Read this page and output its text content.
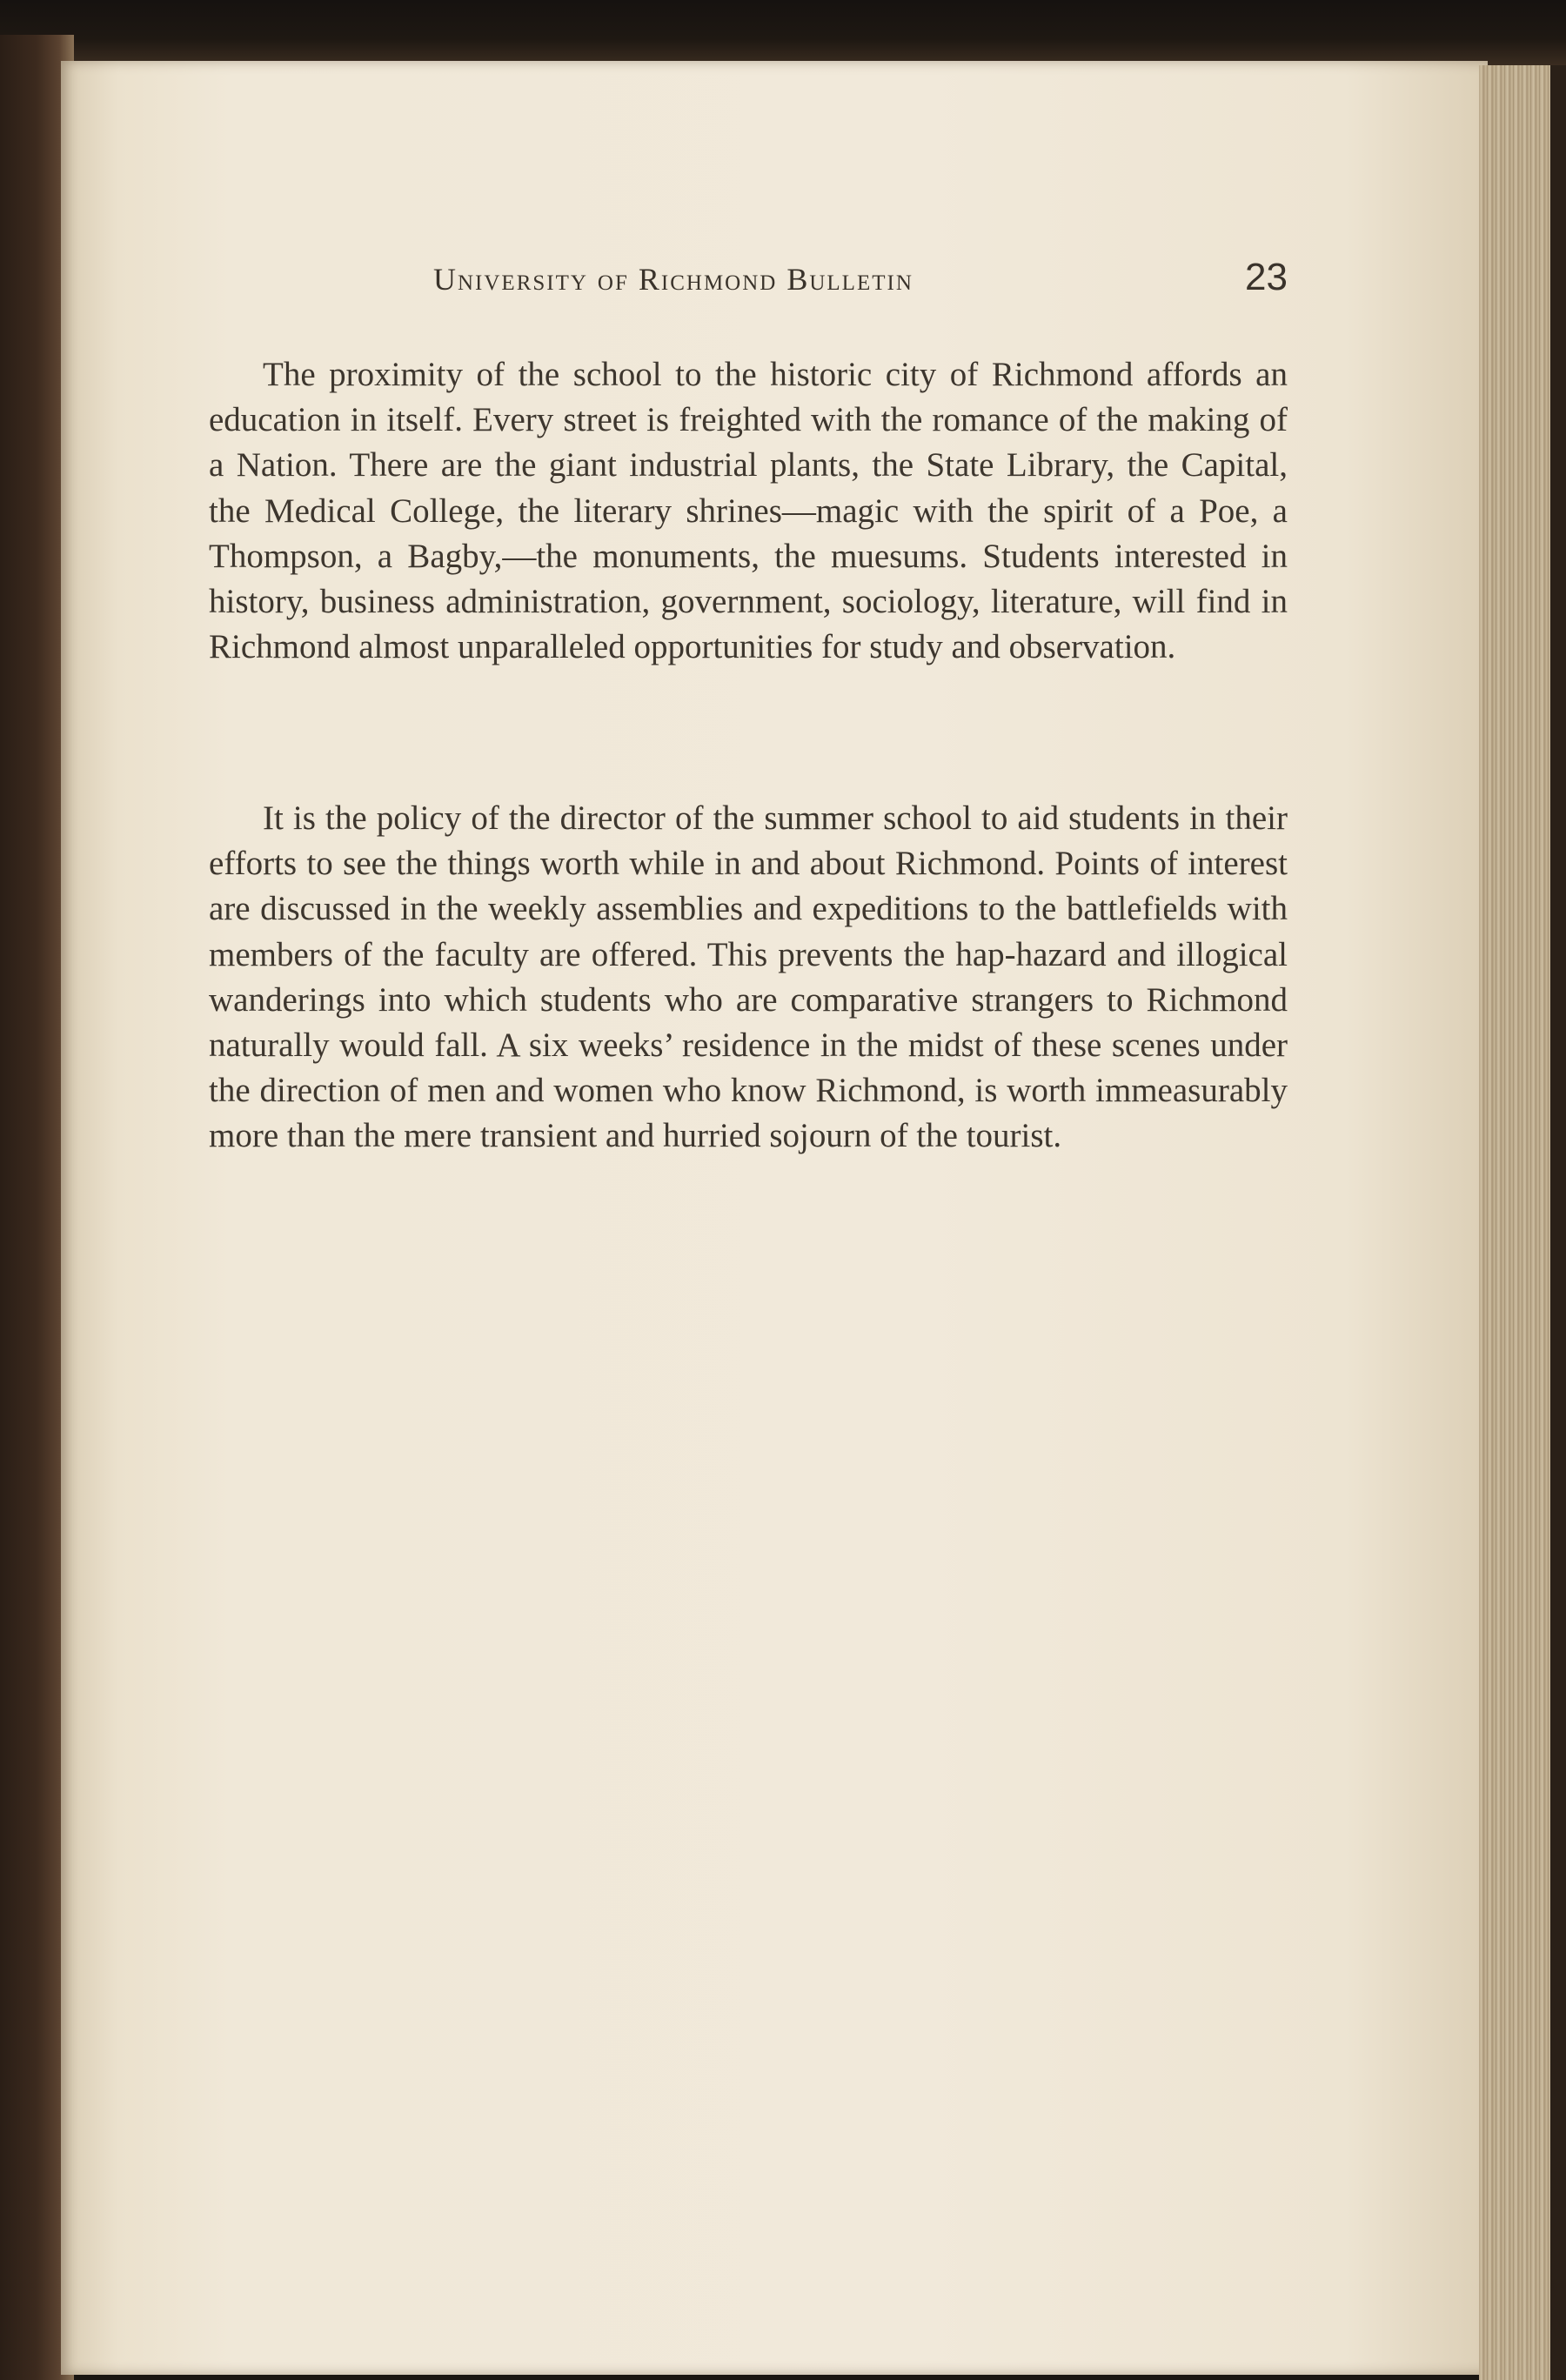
University of Richmond Bulletin	23

The proximity of the school to the historic city of Richmond affords an education in itself. Every street is freighted with the romance of the making of a Nation. There are the giant industrial plants, the State Library, the Capital, the Medical College, the literary shrines—magic with the spirit of a Poe, a Thompson, a Bagby,—the monuments, the muesums. Students interested in history, business administration, government, sociology, literature, will find in Richmond almost unparalleled opportunities for study and observation.

It is the policy of the director of the summer school to aid students in their efforts to see the things worth while in and about Richmond. Points of interest are discussed in the weekly assemblies and expeditions to the battlefields with members of the faculty are offered. This prevents the hap-hazard and illogical wanderings into which students who are comparative strangers to Richmond naturally would fall. A six weeks’ residence in the midst of these scenes under the direction of men and women who know Richmond, is worth immeasurably more than the mere transient and hurried sojourn of the tourist.
